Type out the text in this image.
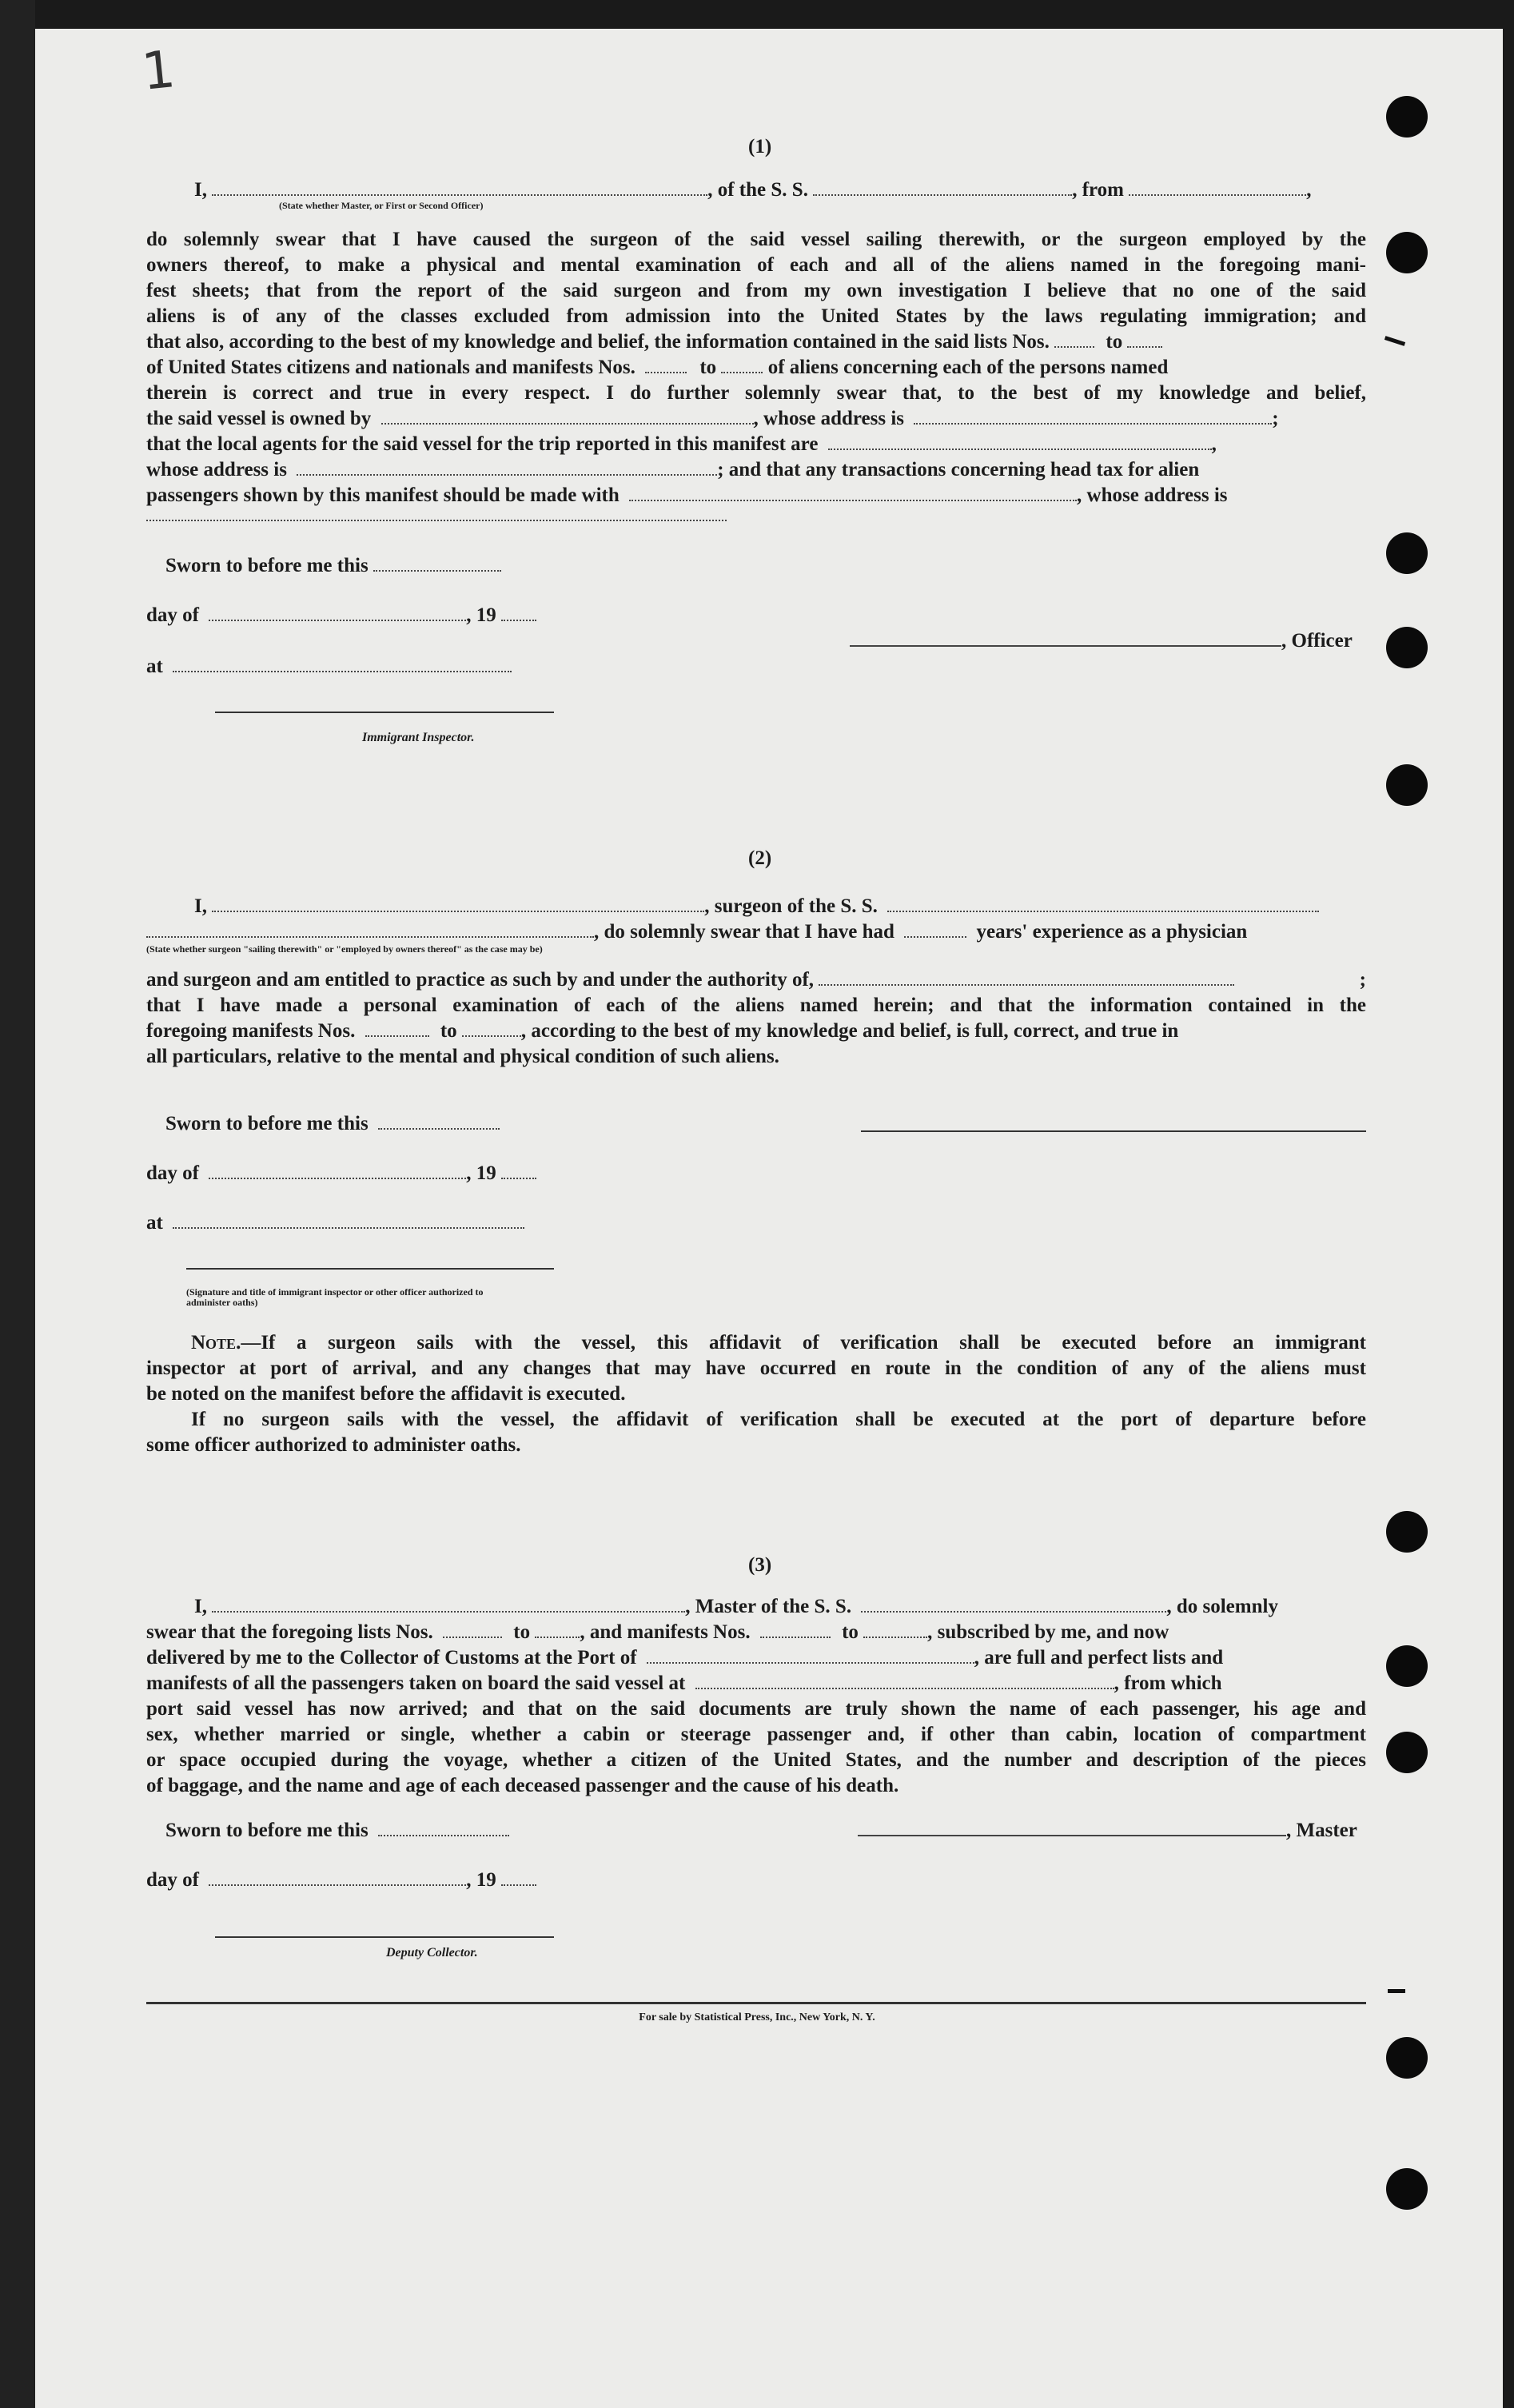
1
(1)
I,	, of the S. S.	, from	,
(State whether Master, or First or Second Officer)
do solemnly swear that I have caused the surgeon of the said vessel sailing therewith, or the surgeon employed by the
owners thereof, to make a physical and mental examination of each and all of the aliens named in the foregoing mani-
fest sheets; that from the report of the said surgeon and from my own investigation I believe that no one of the said
aliens is of any of the classes excluded from admission into the United States by the laws regulating immigration; and
that also, according to the best of my knowledge and belief, the information contained in the said lists Nos.	to
of United States citizens and nationals and manifests Nos.	to	of aliens concerning each of the persons named
therein is correct and true in every respect. I do further solemnly swear that, to the best of my knowledge and belief,
the said vessel is owned by	, whose address is	;
that the local agents for the said vessel for the trip reported in this manifest are	,
whose address is	; and that any transactions concerning head tax for alien
passengers shown by this manifest should be made with	, whose address is
Sworn to before me this
day of	, 19
, Officer
at
Immigrant Inspector.
(2)
I,	, surgeon of the S. S.
, do solemnly swear that I have had	years' experience as a physician
(State whether surgeon "sailing therewith" or "employed by owners thereof" as the case may be)
and surgeon and am entitled to practice as such by and under the authority of,	;
that I have made a personal examination of each of the aliens named herein; and that the information contained in the
foregoing manifests Nos.	to	, according to the best of my knowledge and belief, is full, correct, and true in
all particulars, relative to the mental and physical condition of such aliens.
Sworn to before me this
day of	, 19
at
(Signature and title of immigrant inspector or other officer authorized to administer oaths)
Note.—If a surgeon sails with the vessel, this affidavit of verification shall be executed before an immigrant
inspector at port of arrival, and any changes that may have occurred en route in the condition of any of the aliens must
be noted on the manifest before the affidavit is executed.
If no surgeon sails with the vessel, the affidavit of verification shall be executed at the port of departure before
some officer authorized to administer oaths.
(3)
I,	, Master of the S. S.	, do solemnly
swear that the foregoing lists Nos.	to , and manifests Nos.	to	, subscribed by me, and now
delivered by me to the Collector of Customs at the Port of	, are full and perfect lists and
manifests of all the passengers taken on board the said vessel at	, from which
port said vessel has now arrived; and that on the said documents are truly shown the name of each passenger, his age and
sex, whether married or single, whether a cabin or steerage passenger and, if other than cabin, location of compartment
or space occupied during the voyage, whether a citizen of the United States, and the number and description of the pieces
of baggage, and the name and age of each deceased passenger and the cause of his death.
Sworn to before me this	, Master
day of	, 19
Deputy Collector.
For sale by Statistical Press, Inc., New York, N. Y.
